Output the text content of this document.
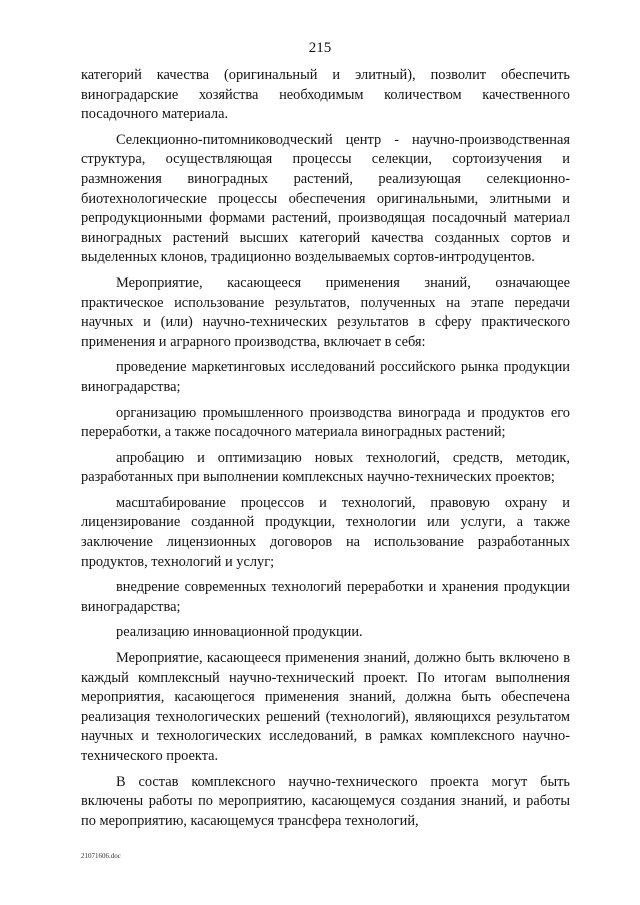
215

категорий качества (оригинальный и элитный), позволит обеспечить виноградарские хозяйства необходимым количеством качественного посадочного материала.

Селекционно-питомниководческий центр - научно-производственная структура, осуществляющая процессы селекции, сортоизучения и размножения виноградных растений, реализующая селекционно-биотехнологические процессы обеспечения оригинальными, элитными и репродукционными формами растений, производящая посадочный материал виноградных растений высших категорий качества созданных сортов и выделенных клонов, традиционно возделываемых сортов-интродуцентов.

Мероприятие, касающееся применения знаний, означающее практическое использование результатов, полученных на этапе передачи научных и (или) научно-технических результатов в сферу практического применения и аграрного производства, включает в себя:

проведение маркетинговых исследований российского рынка продукции виноградарства;

организацию промышленного производства винограда и продуктов его переработки, а также посадочного материала виноградных растений;

апробацию и оптимизацию новых технологий, средств, методик, разработанных при выполнении комплексных научно-технических проектов;

масштабирование процессов и технологий, правовую охрану и лицензирование созданной продукции, технологии или услуги, а также заключение лицензионных договоров на использование разработанных продуктов, технологий и услуг;

внедрение современных технологий переработки и хранения продукции виноградарства;

реализацию инновационной продукции.

Мероприятие, касающееся применения знаний, должно быть включено в каждый комплексный научно-технический проект. По итогам выполнения мероприятия, касающегося применения знаний, должна быть обеспечена реализация технологических решений (технологий), являющихся результатом научных и технологических исследований, в рамках комплексного научно-технического проекта.

В состав комплексного научно-технического проекта могут быть включены работы по мероприятию, касающемуся создания знаний, и работы по мероприятию, касающемуся трансфера технологий,

21071606.doc
